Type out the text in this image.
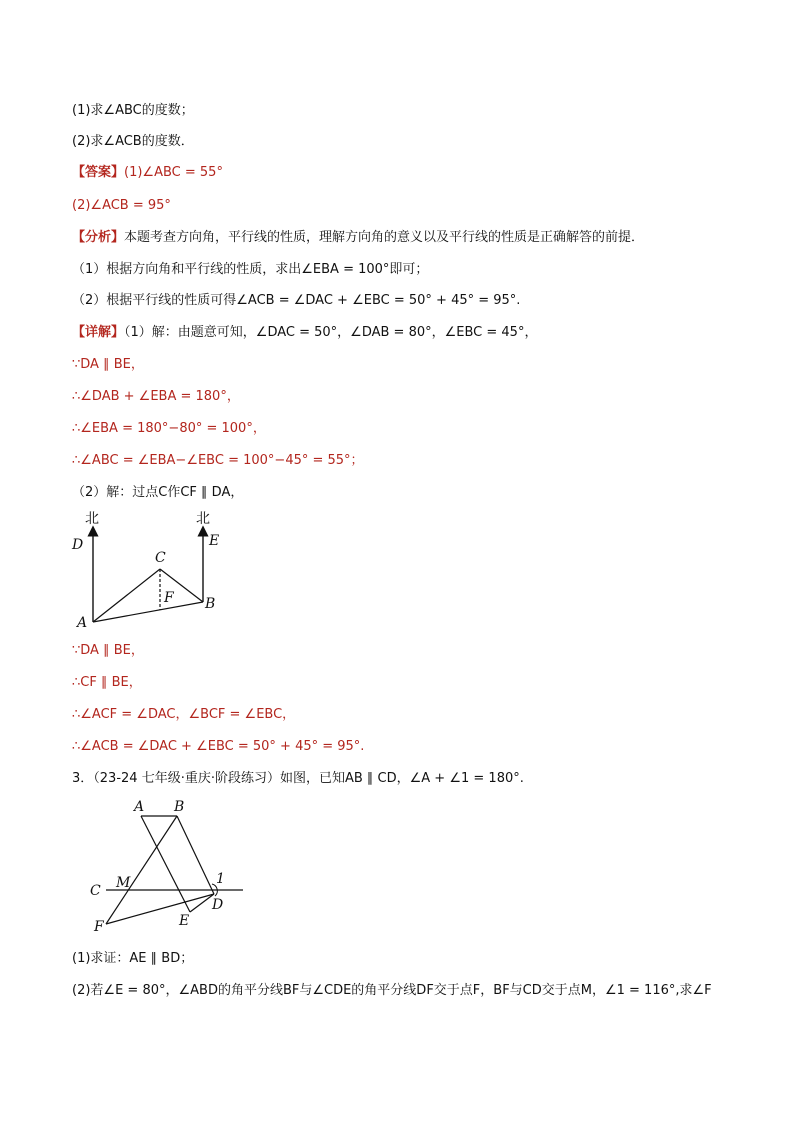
(1)求∠ABC的度数；
(2)求∠ACB的度数．
【答案】(1)∠ABC = 55°
(2)∠ACB = 95°
【分析】本题考查方向角，平行线的性质，理解方向角的意义以及平行线的性质是正确解答的前提．
（1）根据方向角和平行线的性质，求出∠EBA = 100°即可；
（2）根据平行线的性质可得∠ACB = ∠DAC + ∠EBC = 50° + 45° = 95°.
【详解】（1）解：由题意可知，∠DAC = 50°，∠DAB = 80°，∠EBC = 45°，
∵DA ∥ BE，
∴∠DAB + ∠EBA = 180°，
∴∠EBA = 180°−80° = 100°，
∴∠ABC = ∠EBA−∠EBC = 100°−45° = 55°；
（2）解：过点C作CF ∥ DA，
北	北
D	E
C
F
A
B
∵DA ∥ BE，
∴CF ∥ BE，
∴∠ACF = ∠DAC，∠BCF = ∠EBC，
∴∠ACB = ∠DAC + ∠EBC = 50° + 45° = 95°.
3．（23-24 七年级·重庆·阶段练习）如图，已知AB ∥ CD，∠A + ∠1 = 180°.
A B
C M	1
D
F	E
(1)求证：AE ∥ BD；
(2)若∠E = 80°，∠ABD的角平分线BF与∠CDE的角平分线DF交于点F，BF与CD交于点M，∠1 = 116°,求∠F
